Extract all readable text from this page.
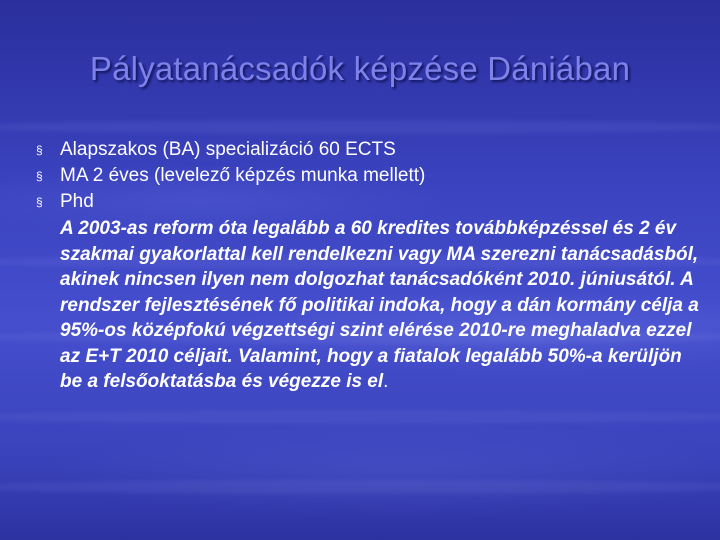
Pályatanácsadók képzése Dániában
§ Alapszakos (BA) specializáció 60 ECTS
§ MA 2 éves (levelező képzés munka mellett)
§ Phd

A 2003-as reform óta legalább a 60 kredites továbbképzéssel és 2 év szakmai gyakorlattal kell rendelkezni vagy MA szerezni tanácsadásból, akinek nincsen ilyen nem dolgozhat tanácsadóként 2010. júniusától. A rendszer fejlesztésének fő politikai indoka, hogy a dán kormány célja a 95%-os középfokú végzettségi szint elérése 2010-re meghaladva ezzel az E+T 2010 céljait. Valamint, hogy a fiatalok legalább 50%-a kerüljön be a felsőoktatásba és végezze is el.
